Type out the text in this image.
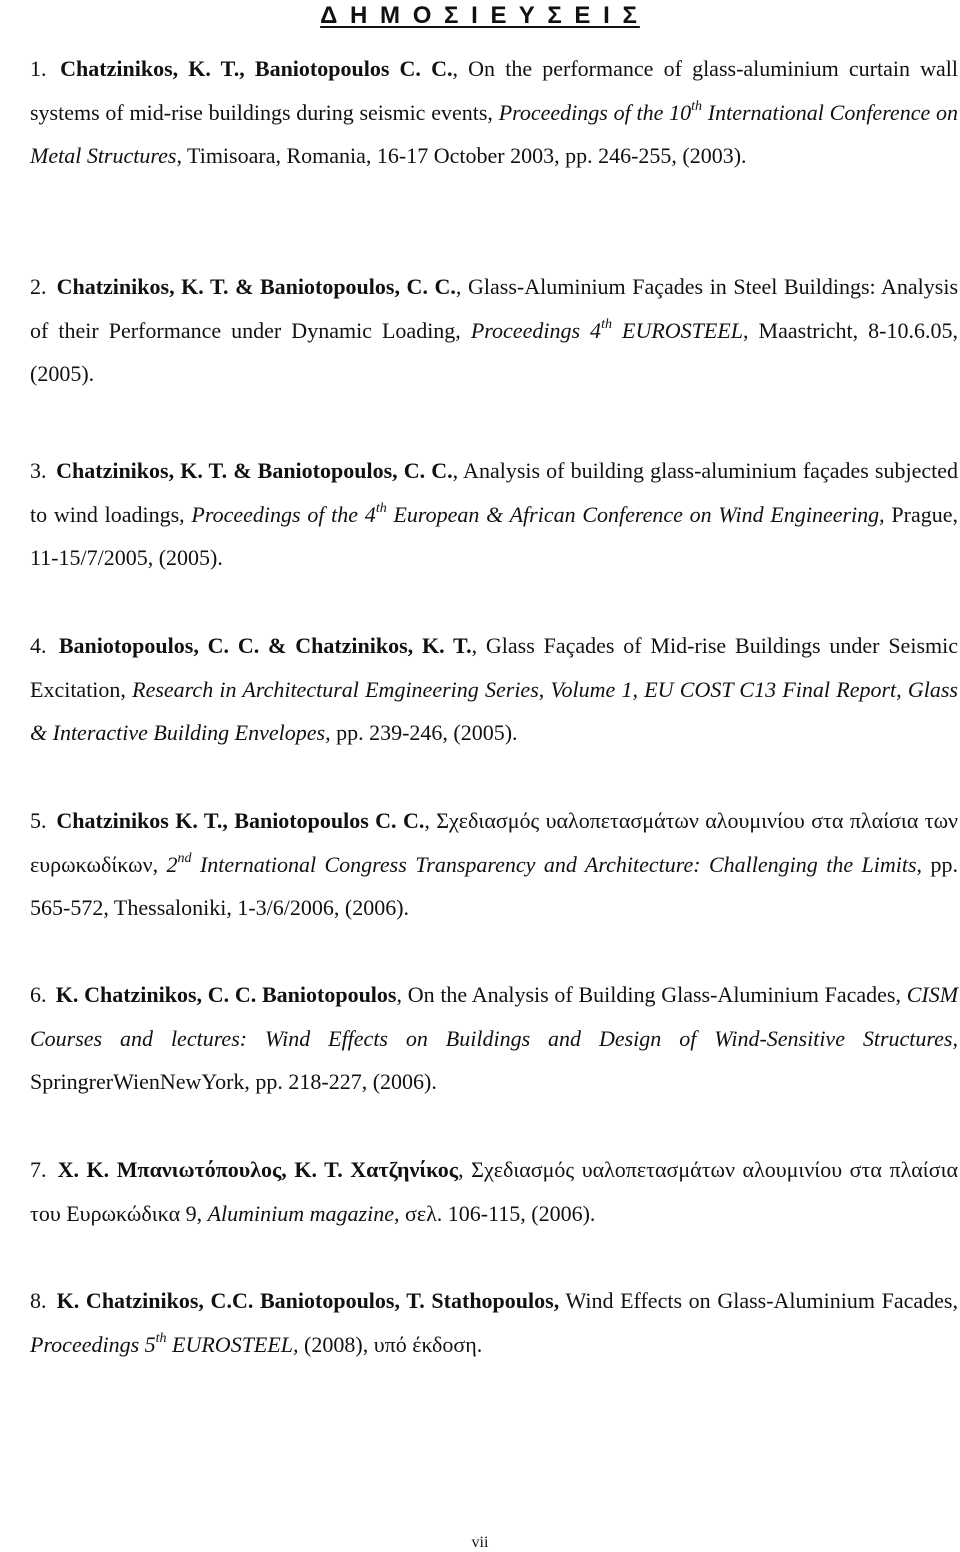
Δ Η Μ Ο Σ Ι Ε Υ Σ Ε Ι Σ

1. Chatzinikos, K. T., Baniotopoulos C. C., On the performance of glass-aluminium curtain wall systems of mid-rise buildings during seismic events, Proceedings of the 10th International Conference on Metal Structures, Timisoara, Romania, 16-17 October 2003, pp. 246-255, (2003).

2. Chatzinikos, K. T. & Baniotopoulos, C. C., Glass-Aluminium Façades in Steel Buildings: Analysis of their Performance under Dynamic Loading, Proceedings 4th EUROSTEEL, Maastricht, 8-10.6.05, (2005).

3. Chatzinikos, K. T. & Baniotopoulos, C. C., Analysis of building glass-aluminium façades subjected to wind loadings, Proceedings of the 4th European & African Conference on Wind Engineering, Prague, 11-15/7/2005, (2005).

4. Baniotopoulos, C. C. & Chatzinikos, K. T., Glass Façades of Mid-rise Buildings under Seismic Excitation, Research in Architectural Emgineering Series, Volume 1, EU COST C13 Final Report, Glass & Interactive Building Envelopes, pp. 239-246, (2005).

5. Chatzinikos K. T., Baniotopoulos C. C., Σχεδιασμός υαλοπετασμάτων αλουμινίου στα πλαίσια των ευρωκωδίκων, 2nd International Congress Transparency and Architecture: Challenging the Limits, pp. 565-572, Thessaloniki, 1-3/6/2006, (2006).

6. K. Chatzinikos, C. C. Baniotopoulos, On the Analysis of Building Glass-Aluminium Facades, CISM Courses and lectures: Wind Effects on Buildings and Design of Wind-Sensitive Structures, SpringrerWienNewYork, pp. 218-227, (2006).

7. Χ. Κ. Μπανιωτόπουλος, Κ. Τ. Χατζηνίκος, Σχεδιασμός υαλοπετασμάτων αλουμινίου στα πλαίσια του Ευρωκώδικα 9, Aluminium magazine, σελ. 106-115, (2006).

8. K. Chatzinikos, C.C. Baniotopoulos, T. Stathopoulos, Wind Effects on Glass-Aluminium Facades, Proceedings 5th EUROSTEEL, (2008), υπό έκδοση.

vii
